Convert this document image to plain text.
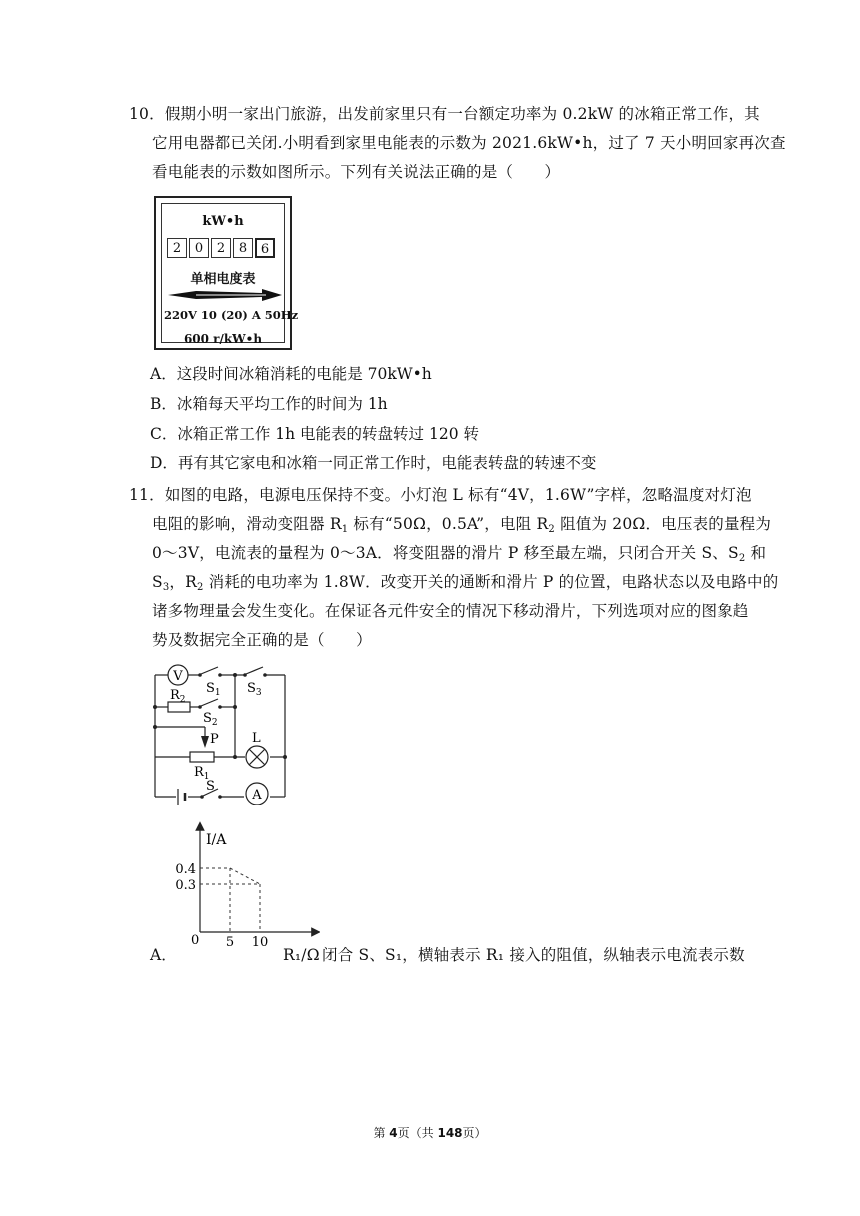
10．假期小明一家出门旅游，出发前家里只有一台额定功率为 0.2kW 的冰箱正常工作，其
它用电器都已关闭.小明看到家里电能表的示数为 2021.6kW•h，过了 7 天小明回家再次查
看电能表的示数如图所示。下列有关说法正确的是（　　）
kW•h
2	0	2	8	6
单相电度表
220V 10 (20) A 50Hz
600 r/kW•h
A．这段时间冰箱消耗的电能是 70kW•h
B．冰箱每天平均工作的时间为 1h
C．冰箱正常工作 1h 电能表的转盘转过 120 转
D．再有其它家电和冰箱一同正常工作时，电能表转盘的转速不变
11．如图的电路，电源电压保持不变。小灯泡 L 标有“4V，1.6W”字样，忽略温度对灯泡
电阻的影响，滑动变阻器 $R_1$ 标有“50Ω，0.5A”，电阻 $R_2$ 阻值为 20Ω．电压表的量程为
0～3V，电流表的量程为 0～3A．将变阻器的滑片 P 移至最左端，只闭合开关 S、$S_2$ 和
$S_3$，$R_2$ 消耗的电功率为 1.8W．改变开关的通断和滑片 P 的位置，电路状态以及电路中的
诸多物理量会发生变化。在保证各元件安全的情况下移动滑片，下列选项对应的图象趋
势及数据完全正确的是（　　）
V
$S_1$ $S_3$
$R_2$
$S_2$
P
$R_1$
L
S
A
A．
I/A
0.3
0.4
5 10
0
R₁/Ω 闭合 S、S₁，横轴表示 R₁ 接入的阻值，纵轴表示电流表示数
第 4页（共 148页）
